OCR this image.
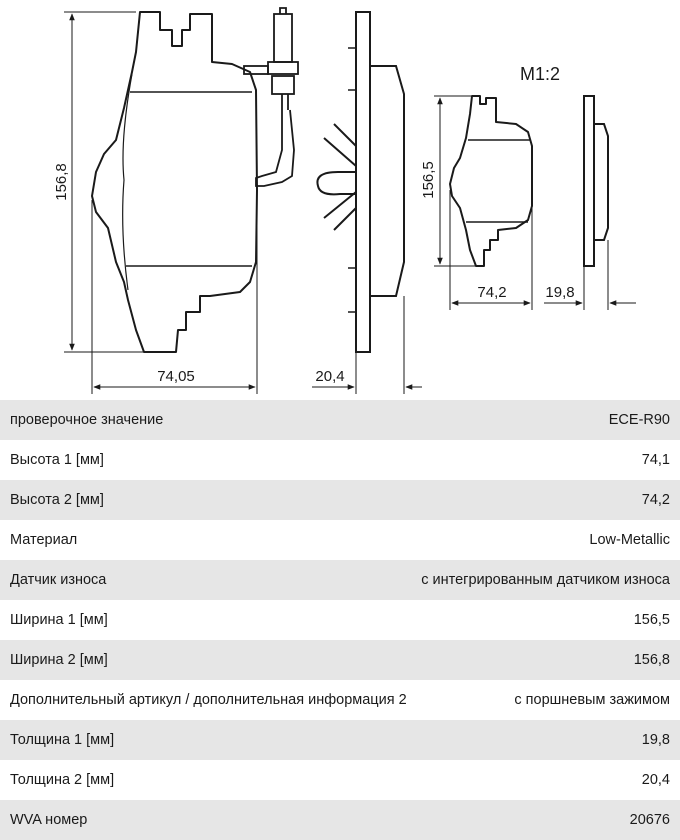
156,8
74,05	20,4
M1:2
156,5
74,2	19,8
проверочное значение	ECE-R90
Высота 1 [мм]	74,1
Высота 2 [мм]	74,2
Материал	Low-Metallic
Датчик износа	с интегрированным датчиком износа
Ширина 1 [мм]	156,5
Ширина 2 [мм]	156,8
Дополнительный артикул / дополнительная информация 2	с поршневым зажимом
Толщина 1 [мм]	19,8
Толщина 2 [мм]	20,4
WVA номер	20676
